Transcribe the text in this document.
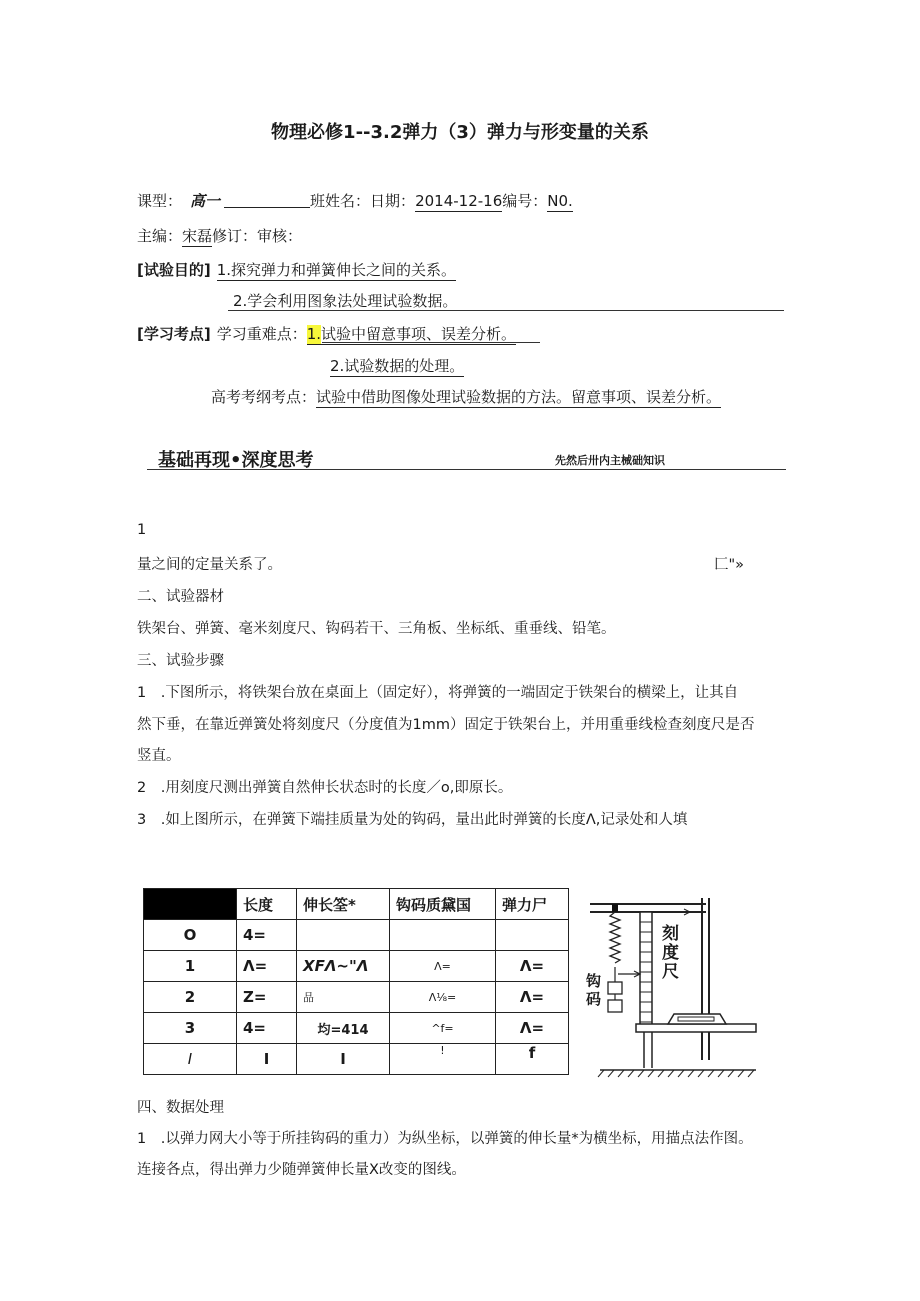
物理必修1--3.2弹力（3）弹力与形变量的关系
课型： 高一	班姓名：日期：2014-12-16编号：N0.
主编：宋磊修订：审核：
[试验目的] 1.探究弹力和弹簧伸长之间的关系。
2.学会利用图象法处理试验数据。
[学习考点] 学习重难点：1.试验中留意事项、误差分析。
2.试验数据的处理。
高考考纲考点：试验中借助图像处理试验数据的方法。留意事项、误差分析。
基础再现•深度思考	先然后卅内主械础知识
1
量之间的定量关系了。	匚"»
二、试验器材
铁架台、弹簧、毫米刻度尺、钩码若干、三角板、坐标纸、重垂线、铅笔。
三、试验步骤
1　.下图所示，将铁架台放在桌面上（固定好），将弹簧的一端固定于铁架台的横梁上，让其自
然下垂，在靠近弹簧处将刻度尺（分度值为1mm）固定于铁架台上，并用重垂线检查刻度尺是否
竖直。
2　.用刻度尺测出弹簧自然伸长状态时的长度／o,即原长。
3　.如上图所示，在弹簧下端挂质量为处的钩码，量出此时弹簧的长度Λ,记录处和人填
	长度	伸长筌*	钩码质黛国	弹力尸
O	4=			
1	Λ=	XFΛ~"Λ	Λ=	Λ=
2	Z=	品	Λ⅛=	Λ=
3	4=	均=414	^f=	Λ=
I	I	I	!	f
刻度尺
钩码
四、数据处理
1　.以弹力网大小等于所挂钩码的重力）为纵坐标，以弹簧的伸长量*为横坐标，用描点法作图。
连接各点，得出弹力少随弹簧伸长量X改变的图线。
